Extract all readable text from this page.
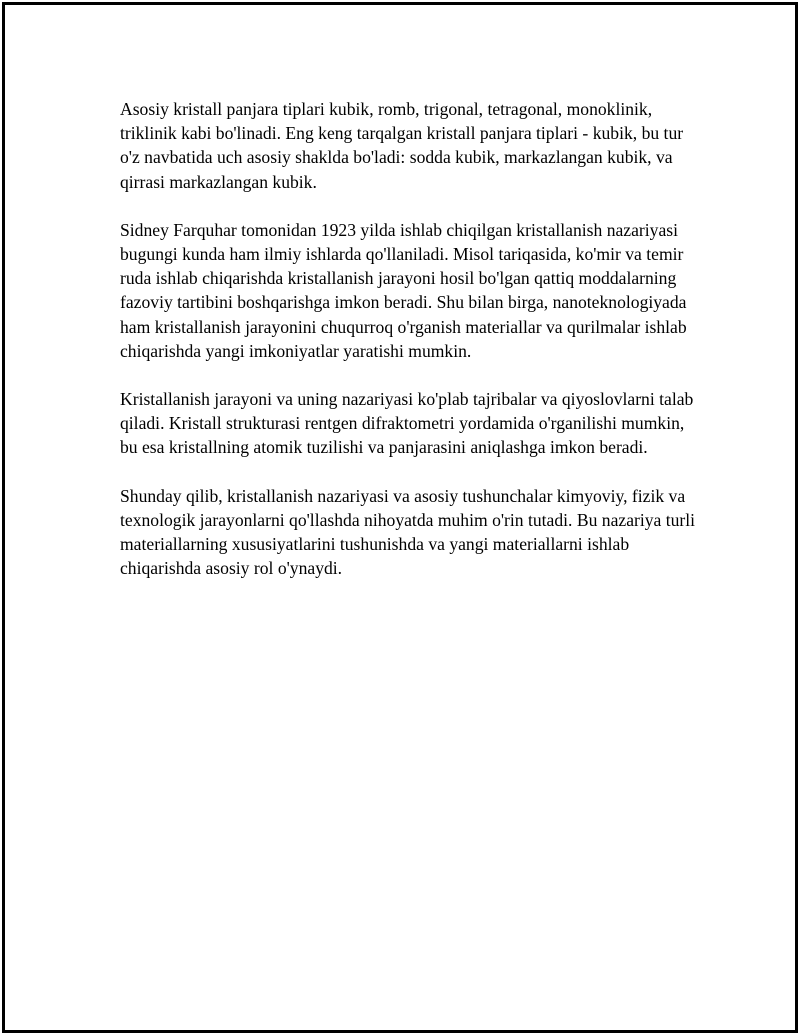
Asosiy kristall panjara tiplari kubik, romb, trigonal, tetragonal, monoklinik, triklinik kabi bo'linadi. Eng keng tarqalgan kristall panjara tiplari - kubik, bu tur o'z navbatida uch asosiy shaklda bo'ladi: sodda kubik, markazlangan kubik, va qirrasi markazlangan kubik.

Sidney Farquhar tomonidan 1923 yilda ishlab chiqilgan kristallanish nazariyasi bugungi kunda ham ilmiy ishlarda qo'llaniladi. Misol tariqasida, ko'mir va temir ruda ishlab chiqarishda kristallanish jarayoni hosil bo'lgan qattiq moddalarning fazoviy tartibini boshqarishga imkon beradi. Shu bilan birga, nanoteknologiyada ham kristallanish jarayonini chuqurroq o'rganish materiallar va qurilmalar ishlab chiqarishda yangi imkoniyatlar yaratishi mumkin.

Kristallanish jarayoni va uning nazariyasi ko'plab tajribalar va qiyoslovlarni talab qiladi. Kristall strukturasi rentgen difraktometri yordamida o'rganilishi mumkin, bu esa kristallning atomik tuzilishi va panjarasini aniqlashga imkon beradi.

Shunday qilib, kristallanish nazariyasi va asosiy tushunchalar kimyoviy, fizik va texnologik jarayonlarni qo'llashda nihoyatda muhim o'rin tutadi. Bu nazariya turli materiallarning xususiyatlarini tushunishda va yangi materiallarni ishlab chiqarishda asosiy rol o'ynaydi.
